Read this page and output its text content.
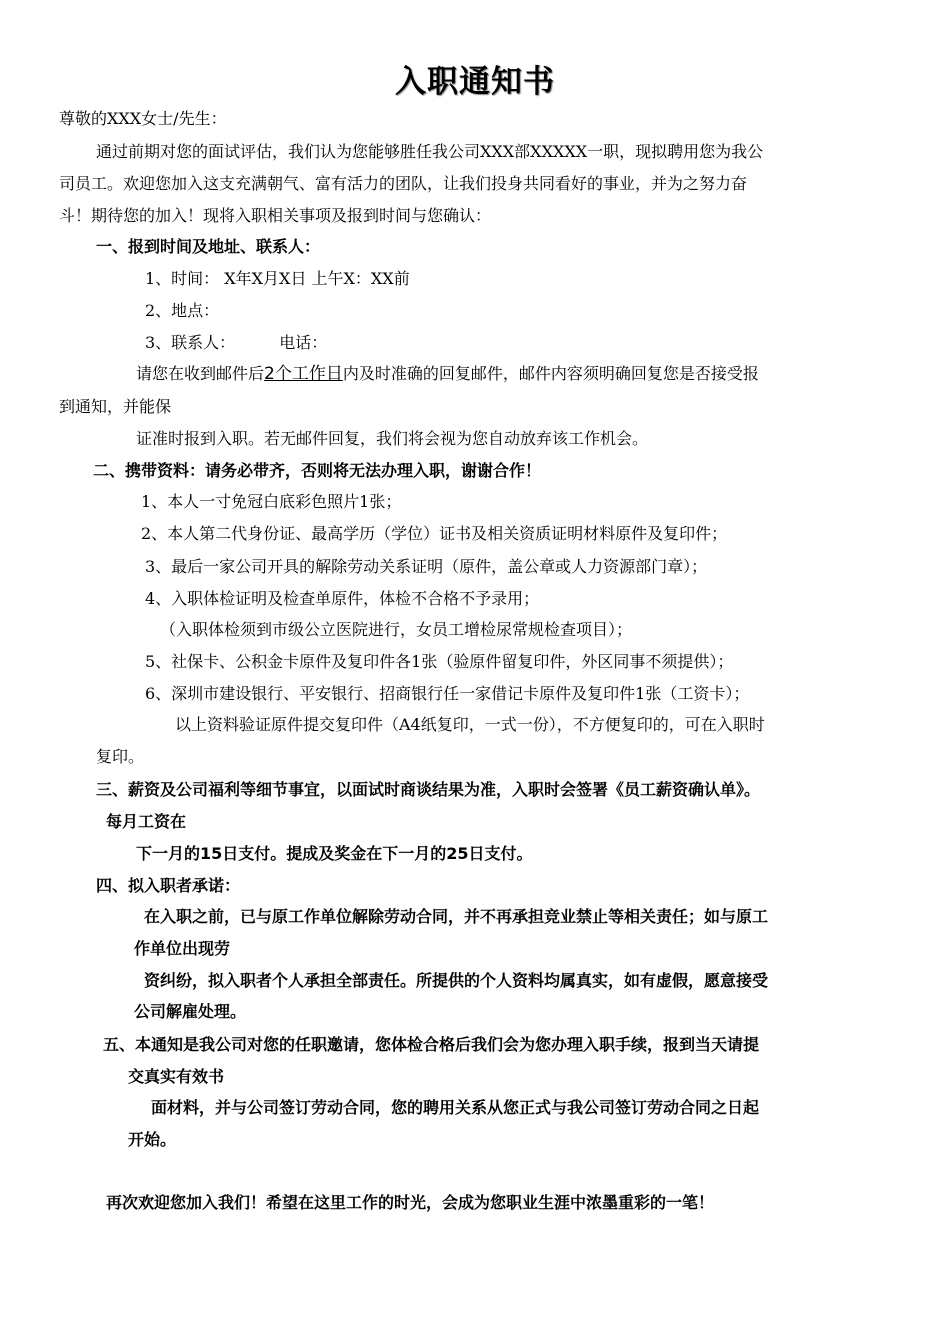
入职通知书
尊敬的XXX女士/先生：
通过前期对您的面试评估，我们认为您能够胜任我公司XXX部XXXXX一职，现拟聘用您为我公
司员工。欢迎您加入这支充满朝气、富有活力的团队，让我们投身共同看好的事业，并为之努力奋
斗！期待您的加入！现将入职相关事项及报到时间与您确认：
一、报到时间及地址、联系人：
1、时间： X年X月X日 上午X：XX前
2、地点：
3、联系人：	电话：
请您在收到邮件后2个工作日内及时准确的回复邮件，邮件内容须明确回复您是否接受报
到通知，并能保
证准时报到入职。若无邮件回复，我们将会视为您自动放弃该工作机会。
二、携带资料：请务必带齐，否则将无法办理入职，谢谢合作！
1、本人一寸免冠白底彩色照片1张；
2、本人第二代身份证、最高学历（学位）证书及相关资质证明材料原件及复印件；
3、最后一家公司开具的解除劳动关系证明（原件，盖公章或人力资源部门章）；
4、入职体检证明及检查单原件，体检不合格不予录用；
（入职体检须到市级公立医院进行，女员工增检尿常规检查项目）；
5、社保卡、公积金卡原件及复印件各1张（验原件留复印件，外区同事不须提供）；
6、深圳市建设银行、平安银行、招商银行任一家借记卡原件及复印件1张（工资卡）；
以上资料验证原件提交复印件（A4纸复印，一式一份），不方便复印的，可在入职时
复印。
三、薪资及公司福利等细节事宜，以面试时商谈结果为准，入职时会签署《员工薪资确认单》。
每月工资在
下一月的15日支付。提成及奖金在下一月的25日支付。
四、拟入职者承诺：
在入职之前，已与原工作单位解除劳动合同，并不再承担竞业禁止等相关责任；如与原工
作单位出现劳
资纠纷，拟入职者个人承担全部责任。所提供的个人资料均属真实，如有虚假，愿意接受
公司解雇处理。
五、本通知是我公司对您的任职邀请，您体检合格后我们会为您办理入职手续，报到当天请提
交真实有效书
面材料，并与公司签订劳动合同，您的聘用关系从您正式与我公司签订劳动合同之日起
开始。
再次欢迎您加入我们！希望在这里工作的时光，会成为您职业生涯中浓墨重彩的一笔！
